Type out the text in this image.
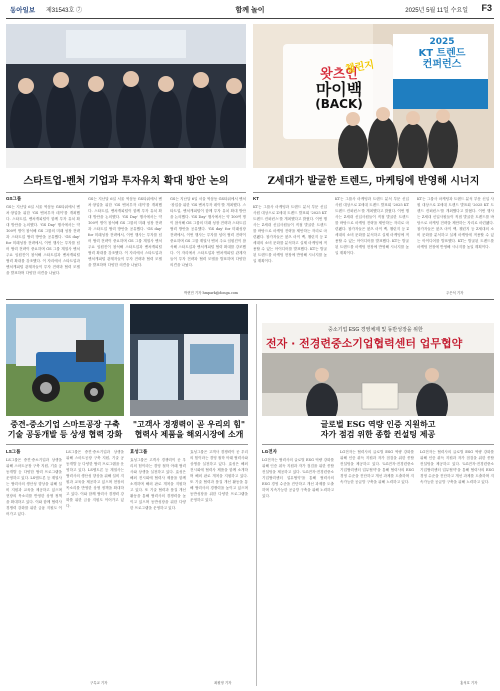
동아일보 제31543호 ⑦	함께 놀이	2025년 5월 11일 수요일 F3
왓츠인
마이백
(BACK)
챌린지
2025
KT 트렌드
컨퍼런스
스타트업-벤처 기업과 투자유치 확대 방안 논의	Z세대가 발굴한 트렌드, 마케팅에 반영해 시너지
GS그룹	KT
GS는 지난달 6일 서울 역삼동 GS타워에서 벤처·창업을 위한 'GS 벤처투자 데이'를 개최했다. 스타트업, 벤처캐피털이 함께 투자 유치 확대 방안을 논의했다. 'GS Day' 행사에서는 약 100여 명이 참석해 GS 그룹의 미래 성장 전략과 스타트업 협력 방안을 공유했다. 'GS day' for 미래성장 전략에서, 이번 행사는 투자를 넘어 협력 전략이 중요하며 GS 그룹 계열사 벤처 주요 임원진이 참석해 스타트업과 벤처캐피털 협력 확대를 강조했다. 이 자리에서 스타트업과 벤처캐피털 관계자들이 투자 전략과 협력 모델을 발표하며 다양한 의견을 나눴다.
GS는 지난달 6일 서울 역삼동 GS타워에서 벤처·창업을 위한 'GS 벤처투자 데이'를 개최했다. 스타트업, 벤처캐피털이 함께 투자 유치 확대 방안을 논의했다. 'GS Day' 행사에서는 약 100여 명이 참석해 GS 그룹의 미래 성장 전략과 스타트업 협력 방안을 공유했다. 'GS day' for 미래성장 전략에서, 이번 행사는 투자를 넘어 협력 전략이 중요하며 GS 그룹 계열사 벤처 주요 임원진이 참석해 스타트업과 벤처캐피털 협력 확대를 강조했다. 이 자리에서 스타트업과 벤처캐피털 관계자들이 투자 전략과 협력 모델을 발표하며 다양한 의견을 나눴다.
GS는 지난달 6일 서울 역삼동 GS타워에서 벤처·창업을 위한 'GS 벤처투자 데이'를 개최했다. 스타트업, 벤처캐피털이 함께 투자 유치 확대 방안을 논의했다. 'GS Day' 행사에서는 약 100여 명이 참석해 GS 그룹의 미래 성장 전략과 스타트업 협력 방안을 공유했다. 'GS day' for 미래성장 전략에서, 이번 행사는 투자를 넘어 협력 전략이 중요하며 GS 그룹 계열사 벤처 주요 임원진이 참석해 스타트업과 벤처캐피털 협력 확대를 강조했다. 이 자리에서 스타트업과 벤처캐피털 관계자들이 투자 전략과 협력 모델을 발표하며 다양한 의견을 나눴다.
박현민 기자 hmpark@donga.com
KT는 그룹사 마케팅과 트렌드 분석 부문 신입 사원 대상으로 Z세대 트렌드 발표회 '2025 KT 트렌드 컨퍼런스'를 개최했다고 밝혔다. 이번 행사는 Z세대 신입사원들이 직접 발굴한 트렌드를 바탕으로 마케팅 전략을 제안하는 자리로 마련됐다. 참가자들은 왓츠 마이 백, 챌린지 등 Z세대의 소비 문화를 분석하고 실제 마케팅에 적용할 수 있는 아이디어를 발표했다. KT는 발굴된 트렌드를 마케팅 현장에 반영해 시너지를 높일 계획이다.
KT는 그룹사 마케팅과 트렌드 분석 부문 신입 사원 대상으로 Z세대 트렌드 발표회 '2025 KT 트렌드 컨퍼런스'를 개최했다고 밝혔다. 이번 행사는 Z세대 신입사원들이 직접 발굴한 트렌드를 바탕으로 마케팅 전략을 제안하는 자리로 마련됐다. 참가자들은 왓츠 마이 백, 챌린지 등 Z세대의 소비 문화를 분석하고 실제 마케팅에 적용할 수 있는 아이디어를 발표했다. KT는 발굴된 트렌드를 마케팅 현장에 반영해 시너지를 높일 계획이다.
KT는 그룹사 마케팅과 트렌드 분석 부문 신입 사원 대상으로 Z세대 트렌드 발표회 '2025 KT 트렌드 컨퍼런스'를 개최했다고 밝혔다. 이번 행사는 Z세대 신입사원들이 직접 발굴한 트렌드를 바탕으로 마케팅 전략을 제안하는 자리로 마련됐다. 참가자들은 왓츠 마이 백, 챌린지 등 Z세대의 소비 문화를 분석하고 실제 마케팅에 적용할 수 있는 아이디어를 발표했다. KT는 발굴된 트렌드를 마케팅 현장에 반영해 시너지를 높일 계획이다.
주은석 기자
중견-중소기업 스마트공장 구축
기술 공동개발 등 상생 협력 강화
"고객사 경쟁력이 곧 우리의 힘"
협력사 제품을 해외시장에 소개
중소기업 ESG 경영체제 및 동반성장을 위한
전자 · 전경련중소기업협력센터 업무협약
글로벌 ESG 역량 인증 지원하고
자가 점검 위한 종합 컨설팅 제공
LS그룹
LS그룹은 중견·중소기업과 상생을 위해 스마트공장 구축 지원, 기술 공동개발 등 다양한 협력 프로그램을 운영하고 있다. LS엠트론 등 계열사는 협력사의 생산성 향상을 위해 설비 지원과 교육을 제공하고 있으며 현장의 목소리를 반영한 상생 정책을 확대하고 있다. 이와 함께 협력사 경쟁력 강화를 위한 금융 지원도 이어가고 있다.
LS그룹은 중견·중소기업과 상생을 위해 스마트공장 구축 지원, 기술 공동개발 등 다양한 협력 프로그램을 운영하고 있다. LS엠트론 등 계열사는 협력사의 생산성 향상을 위해 설비 지원과 교육을 제공하고 있으며 현장의 목소리를 반영한 상생 정책을 확대하고 있다. 이와 함께 협력사 경쟁력 강화를 위한 금융 지원도 이어가고 있다.
구특교 기자
효성그룹
효성그룹은 고객사 경쟁력이 곧 우리의 힘이라는 경영 철학 아래 협력사와 상생을 실천하고 있다. 효성은 해외 전시회에 협력사 제품을 함께 소개하며 해외 판로 개척을 지원하고 있다. 또 기술 협력과 품질 개선 활동을 통해 협력사의 경쟁력을 높이고 있으며 동반성장을 위한 다양한 프로그램을 운영하고 있다.
효성그룹은 고객사 경쟁력이 곧 우리의 힘이라는 경영 철학 아래 협력사와 상생을 실천하고 있다. 효성은 해외 전시회에 협력사 제품을 함께 소개하며 해외 판로 개척을 지원하고 있다. 또 기술 협력과 품질 개선 활동을 통해 협력사의 경쟁력을 높이고 있으며 동반성장을 위한 다양한 프로그램을 운영하고 있다.
최원영 기자
LG전자
LG전자는 협력사의 글로벌 ESG 역량 강화를 위해 인증 취득 지원과 자가 점검을 위한 종합 컨설팅을 제공하고 있다. 'LG전자-전경련중소기업협력센터 업무협약'을 통해 협력사의 ESG 경영 수준을 진단하고 개선 과제를 도출하며 지속가능한 공급망 구축을 위해 노력하고 있다.
LG전자는 협력사의 글로벌 ESG 역량 강화를 위해 인증 취득 지원과 자가 점검을 위한 종합 컨설팅을 제공하고 있다. 'LG전자-전경련중소기업협력센터 업무협약'을 통해 협력사의 ESG 경영 수준을 진단하고 개선 과제를 도출하며 지속가능한 공급망 구축을 위해 노력하고 있다.
LG전자는 협력사의 글로벌 ESG 역량 강화를 위해 인증 취득 지원과 자가 점검을 위한 종합 컨설팅을 제공하고 있다. 'LG전자-전경련중소기업협력센터 업무협약'을 통해 협력사의 ESG 경영 수준을 진단하고 개선 과제를 도출하며 지속가능한 공급망 구축을 위해 노력하고 있다.
홍석호 기자
